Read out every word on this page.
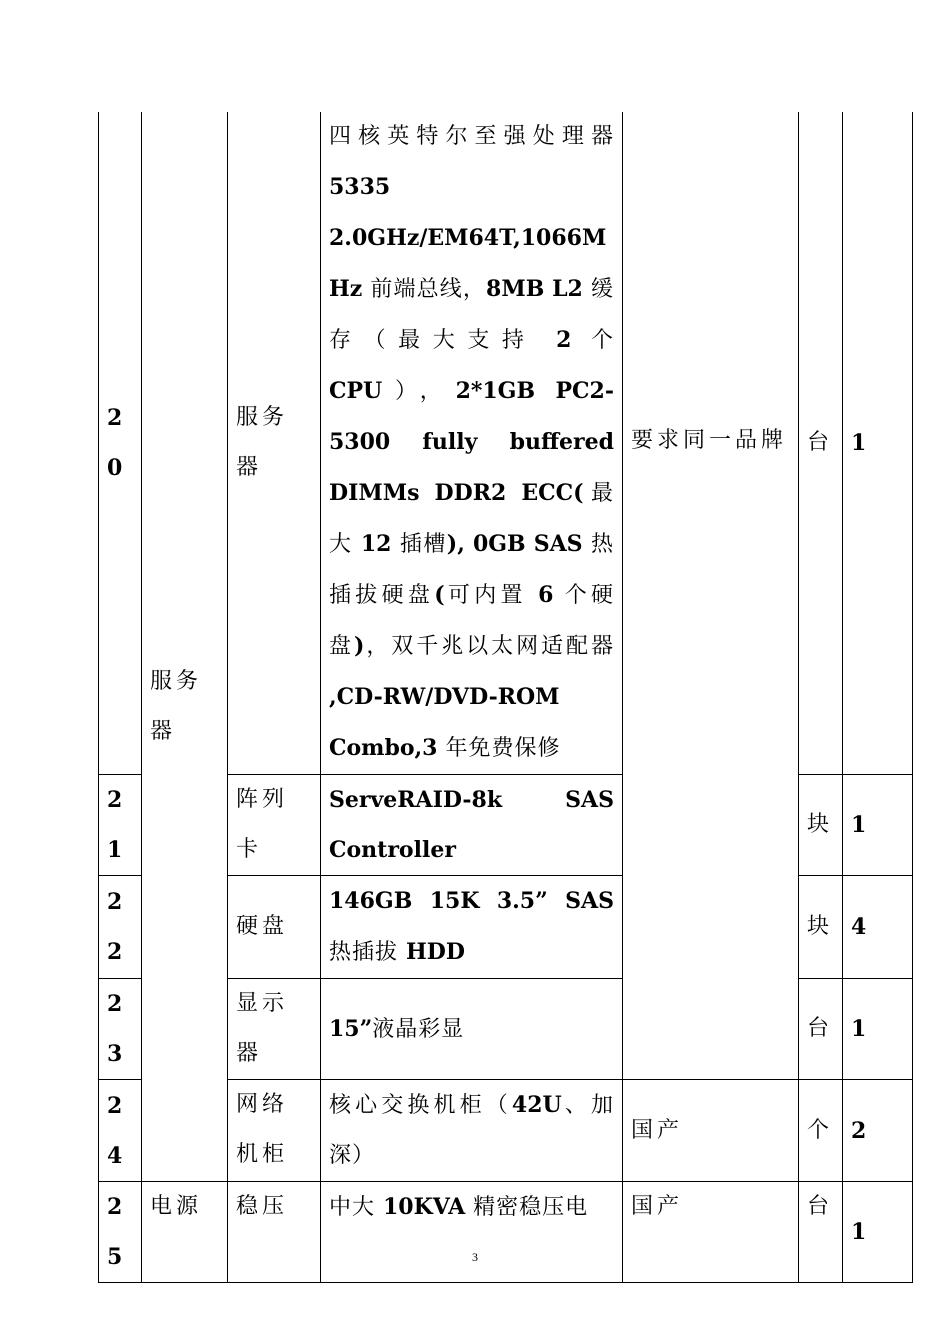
20	服务器	服务器	四核英特尔至强处理器 5335 2.0GHz/EM64T,1066MHz 前端总线，8MB L2 缓存（最大支持 2 个 CPU），2*1GB PC2-5300 fully buffered DIMMs DDR2 ECC(最大 12 插槽), 0GB SAS 热插拔硬盘(可内置 6 个硬盘)，双千兆以太网适配器 ,CD-RW/DVD-ROM Combo,3 年免费保修	要求同一品牌	台	1
21		阵列卡	ServeRAID-8k SAS Controller		块	1
22		硬盘	146GB 15K 3.5” SAS 热插拔 HDD		块	4
23		显示器	15”液晶彩显		台	1
24		网络机柜	核心交换机柜（42U、加深）	国产	个	2
25	电源	稳压	中大 10KVA 精密稳压电	国产	台	1
3
